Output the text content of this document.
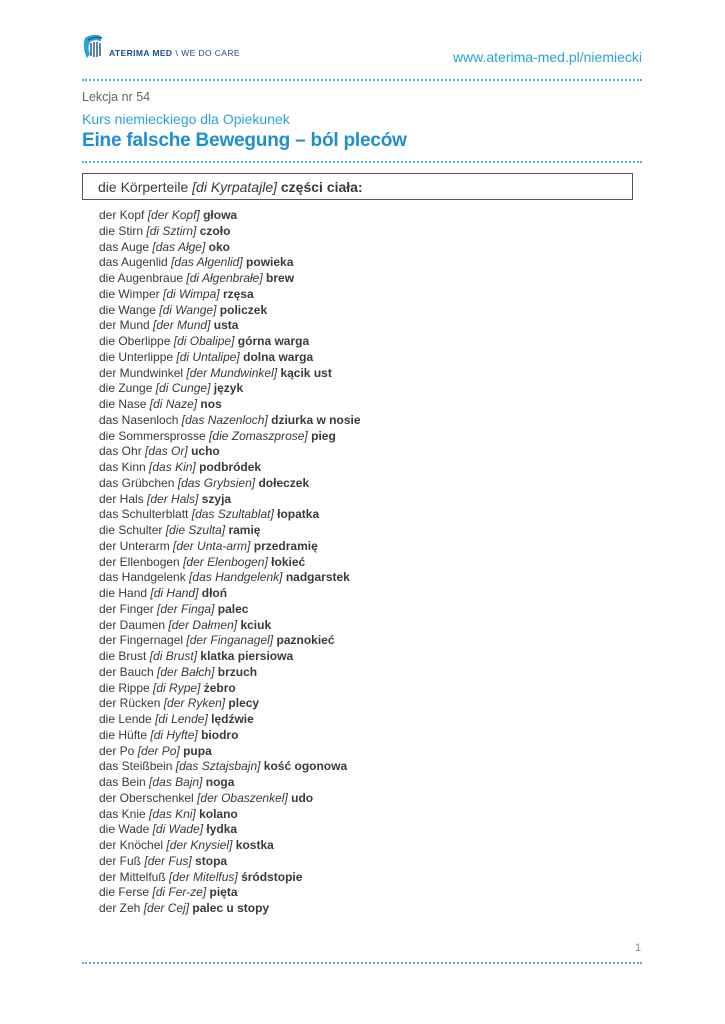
ATERIMA MED \ WE DO CARE	www.aterima-med.pl/niemiecki
Lekcja nr 54
Kurs niemieckiego dla Opiekunek
Eine falsche Bewegung – ból pleców
die Körperteile [di Kyrpatajle] części ciała:
der Kopf [der Kopf] głowa
die Stirn [di Sztirn] czoło
das Auge [das Ałge] oko
das Augenlid [das Ałgenlid] powieka
die Augenbraue [di Ałgenbrałe] brew
die Wimper [di Wimpa] rzęsa
die Wange [di Wange] policzek
der Mund [der Mund] usta
die Oberlippe [di Obalipe] górna warga
die Unterlippe [di Untalipe] dolna warga
der Mundwinkel [der Mundwinkel] kącik ust
die Zunge [di Cunge] język
die Nase [di Naze] nos
das Nasenloch [das Nazenloch] dziurka w nosie
die Sommersprosse [die Zomaszprose] pieg
das Ohr [das Or] ucho
das Kinn [das Kin] podbródek
das Grübchen [das Grybsien] dołeczek
der Hals [der Hals] szyja
das Schulterblatt [das Szultablat] łopatka
die Schulter [die Szulta] ramię
der Unterarm [der Unta-arm] przedramię
der Ellenbogen [der Elenbogen] łokieć
das Handgelenk [das Handgelenk] nadgarstek
die Hand [di Hand] dłoń
der Finger [der Finga] palec
der Daumen [der Dałmen] kciuk
der Fingernagel [der Finganagel] paznokieć
die Brust [di Brust] klatka piersiowa
der Bauch [der Bałch] brzuch
die Rippe [di Rype] żebro
der Rücken [der Ryken] plecy
die Lende [di Lende] lędźwie
die Hüfte [di Hyfte] biodro
der Po [der Po] pupa
das Steißbein [das Sztajsbajn] kość ogonowa
das Bein [das Bajn] noga
der Oberschenkel [der Obaszenkel] udo
das Knie [das Kni] kolano
die Wade [di Wade] łydka
der Knöchel [der Knysiel] kostka
der Fuß [der Fus] stopa
der Mittelfuß [der Mitelfus] śródstopie
die Ferse [di Fer-ze] pięta
der Zeh [der Cej] palec u stopy
1
